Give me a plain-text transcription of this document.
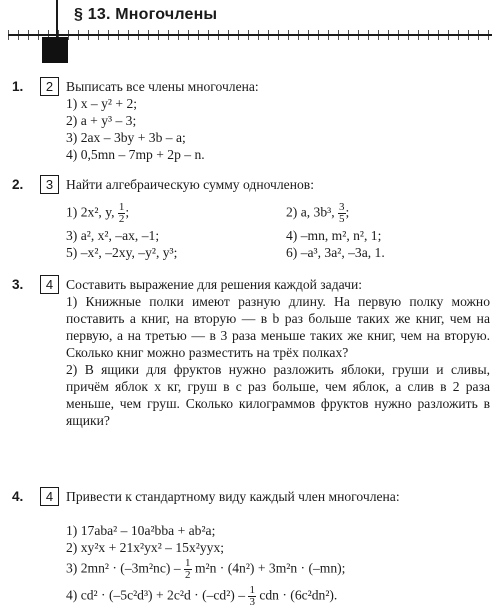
§ 13. Многочлены
1.	2 Выписать все члены многочлена:
1) x – y² + 2;
2) a + y³ – 3;
3) 2ax – 3by + 3b – a;
4) 0,5mn – 7mp + 2p – n.
2.	3 Найти алгебраическую сумму одночленов:
1) 2x², y, $\frac{1}{2}$ ;	2) a, 3b³, $\frac{3}{5}$ ;
3) a², x², –ax, –1;	4) –mn, m², n², 1;
5) –x², –2xy, –y², y³;	6) –a³, 3a², –3a, 1.
3.	4 Составить выражение для решения каждой задачи:

1) Книжные полки имеют разную длину. На первую полку можно поставить a книг, на вторую — в b раз больше таких же книг, чем на первую, а на третью — в 3 раза меньше таких же книг, чем на вторую. Сколько книг можно разместить на трёх полках?

2) В ящики для фруктов нужно разложить яблоки, груши и сливы, причём яблок x кг, груш в c раз больше, чем яблок, а слив в 2 раза меньше, чем груш. Сколько килограммов фруктов нужно разложить в ящики?

4.	4 Привести к стандартному виду каждый член многочлена:
1) 17aba² – 10a²bba + ab²a;
2) xy²x + 21x²yx² – 15x²yyx;
3) $2mn^2 \cdot (-3m^2nc) - \frac{1}{2} m^2n \cdot (4n^2) + 3m^2n \cdot (-mn)$;
4) $cd^2 \cdot (-5c^2d^3) + 2c^2d \cdot (-cd^2) - \frac{1}{3}$ cdn · (6c²dn²).
